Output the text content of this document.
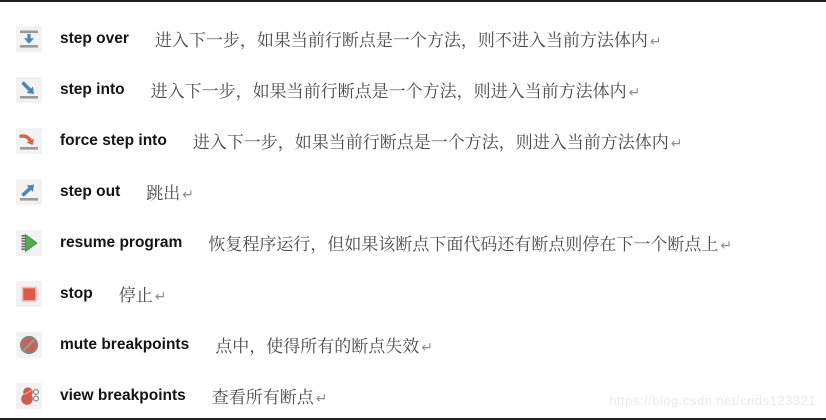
step over 进入下一步，如果当前行断点是一个方法，则不进入当前方法体内 ↵
step into 进入下一步，如果当前行断点是一个方法，则进入当前方法体内 ↵
force step into 进入下一步，如果当前行断点是一个方法，则进入当前方法体内 ↵
step out 跳出 ↵
resume program 恢复程序运行，但如果该断点下面代码还有断点则停在下一个断点上 ↵
stop 停止 ↵
mute breakpoints 点中，使得所有的断点失效 ↵
view breakpoints 查看所有断点 ↵	https://blog.csdn.net/cnds123321
